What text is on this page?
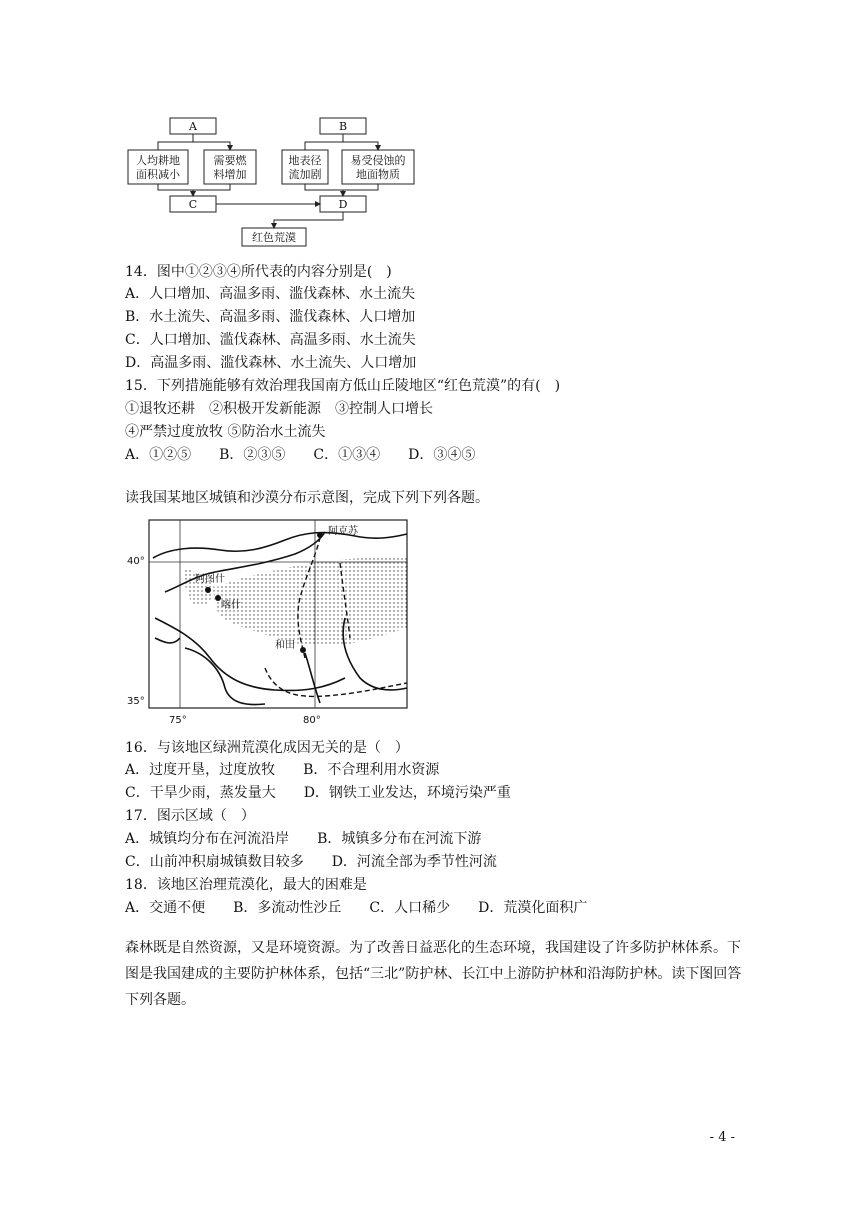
A
人均耕地
面积减小
需要燃
料增加
C
B
地表径
流加剧
易受侵蚀的
地面物质
D
红色荒漠
14．图中①②③④所代表的内容分别是(　)
A．人口增加、高温多雨、滥伐森林、水土流失
B．水土流失、高温多雨、滥伐森林、人口增加
C．人口增加、滥伐森林、高温多雨、水土流失
D．高温多雨、滥伐森林、水土流失、人口增加
15．下列措施能够有效治理我国南方低山丘陵地区“红色荒漠”的有(　)
①退牧还耕　②积极开发新能源　③控制人口增长
④严禁过度放牧 ⑤防治水土流失
A．①②⑤　　B．②③⑤　　C．①③④　　D．③④⑤
读我国某地区城镇和沙漠分布示意图，完成下列下列各题。
阿克苏
阿图什
喀什
和田
40°
35°
75°	80°
16．与该地区绿洲荒漠化成因无关的是（　）
A．过度开垦，过度放牧　　B．不合理利用水资源
C．干旱少雨，蒸发量大　　D．钢铁工业发达，环境污染严重
17．图示区域（　）
A．城镇均分布在河流沿岸　　B．城镇多分布在河流下游
C．山前冲积扇城镇数目较多　　D．河流全部为季节性河流
18．该地区治理荒漠化，最大的困难是
A．交通不便　　B．多流动性沙丘　　C．人口稀少　　D．荒漠化面积广
森林既是自然资源，又是环境资源。为了改善日益恶化的生态环境，我国建设了许多防护林体系。下图是我国建成的主要防护林体系，包括“三北”防护林、长江中上游防护林和沿海防护林。读下图回答下列各题。
- 4 -
